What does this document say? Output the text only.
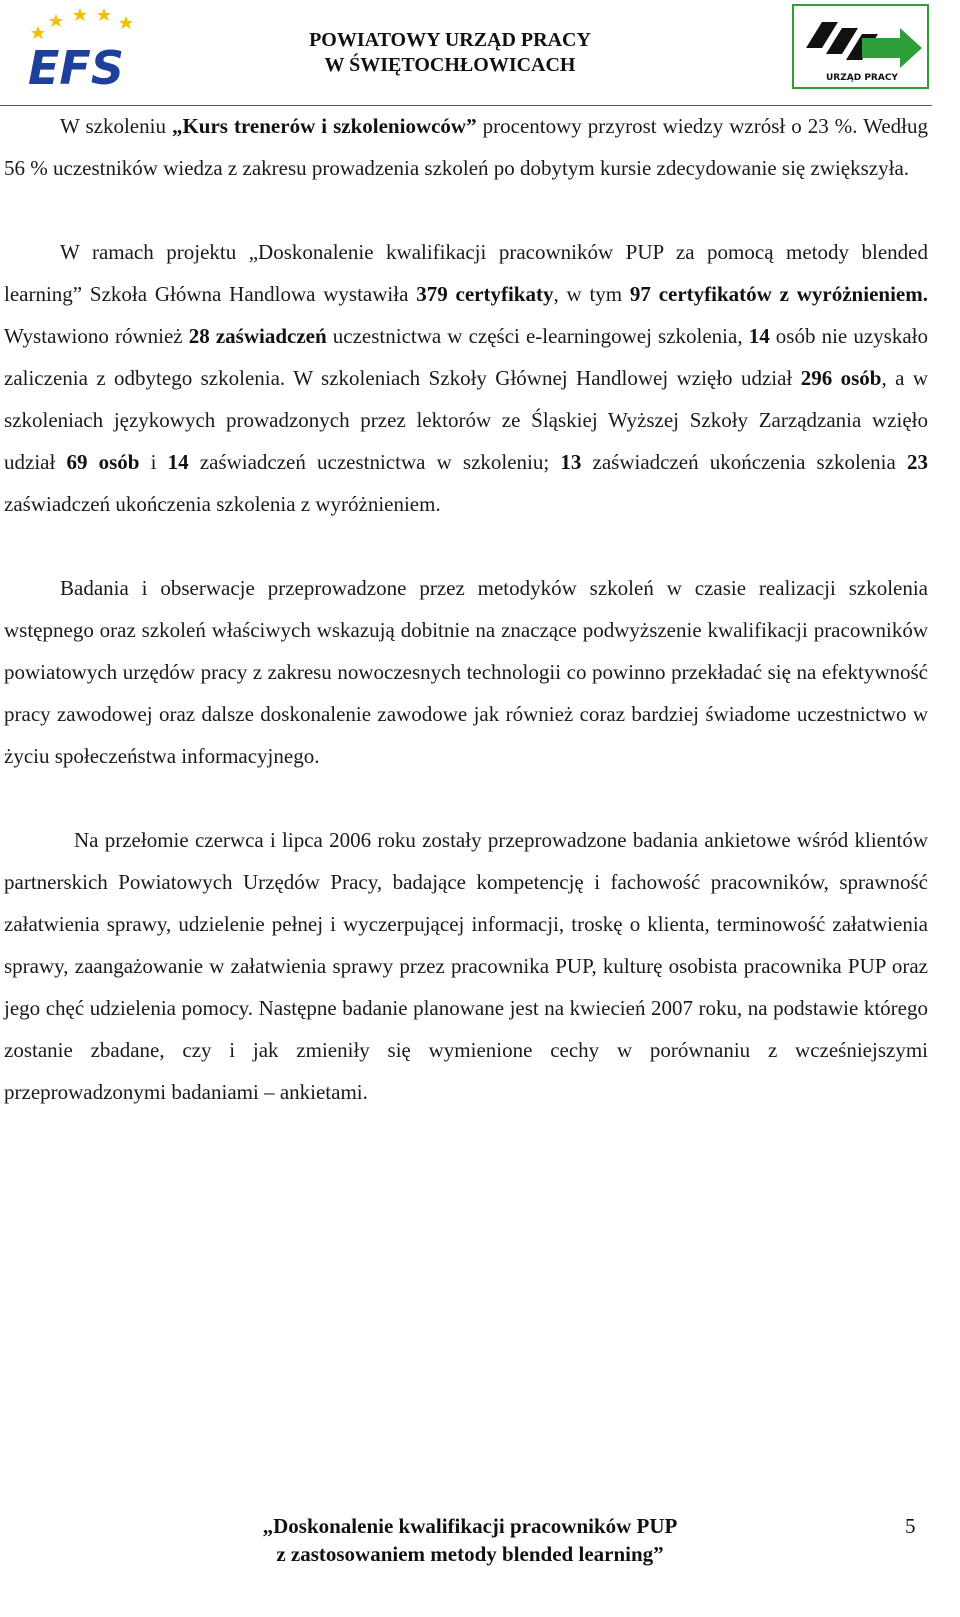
EFS
POWIATOWY URZĄD PRACY
W ŚWIĘTOCHŁOWICACH
URZĄD PRACY

W szkoleniu „Kurs trenerów i szkoleniowców” procentowy przyrost wiedzy wzrósł o 23 %. Według 56 % uczestników wiedza z zakresu prowadzenia szkoleń po dobytym kursie zdecydowanie się zwiększyła.

W ramach projektu „Doskonalenie kwalifikacji pracowników PUP za pomocą metody blended learning” Szkoła Główna Handlowa wystawiła 379 certyfikaty, w tym 97 certyfikatów z wyróżnieniem. Wystawiono również 28 zaświadczeń uczestnictwa w części e-learningowej szkolenia, 14 osób nie uzyskało zaliczenia z odbytego szkolenia. W szkoleniach Szkoły Głównej Handlowej wzięło udział 296 osób, a w szkoleniach językowych prowadzonych przez lektorów ze Śląskiej Wyższej Szkoły Zarządzania wzięło udział 69 osób i 14 zaświadczeń uczestnictwa w szkoleniu; 13 zaświadczeń ukończenia szkolenia 23 zaświadczeń ukończenia szkolenia z wyróżnieniem.

Badania i obserwacje przeprowadzone przez metodyków szkoleń w czasie realizacji szkolenia wstępnego oraz szkoleń właściwych wskazują dobitnie na znaczące podwyższenie kwalifikacji pracowników powiatowych urzędów pracy z zakresu nowoczesnych technologii co powinno przekładać się na efektywność pracy zawodowej oraz dalsze doskonalenie zawodowe jak również coraz bardziej świadome uczestnictwo w życiu społeczeństwa informacyjnego.

Na przełomie czerwca i lipca 2006 roku zostały przeprowadzone badania ankietowe wśród klientów partnerskich Powiatowych Urzędów Pracy, badające kompetencję i fachowość pracowników, sprawność załatwienia sprawy, udzielenie pełnej i wyczerpującej informacji, troskę o klienta, terminowość załatwienia sprawy, zaangażowanie w załatwienia sprawy przez pracownika PUP, kulturę osobista pracownika PUP oraz jego chęć udzielenia pomocy. Następne badanie planowane jest na kwiecień 2007 roku, na podstawie którego zostanie zbadane, czy i jak zmieniły się wymienione cechy w porównaniu z wcześniejszymi przeprowadzonymi badaniami – ankietami.

„Doskonalenie kwalifikacji pracowników PUP
z zastosowaniem metody blended learning”
5
